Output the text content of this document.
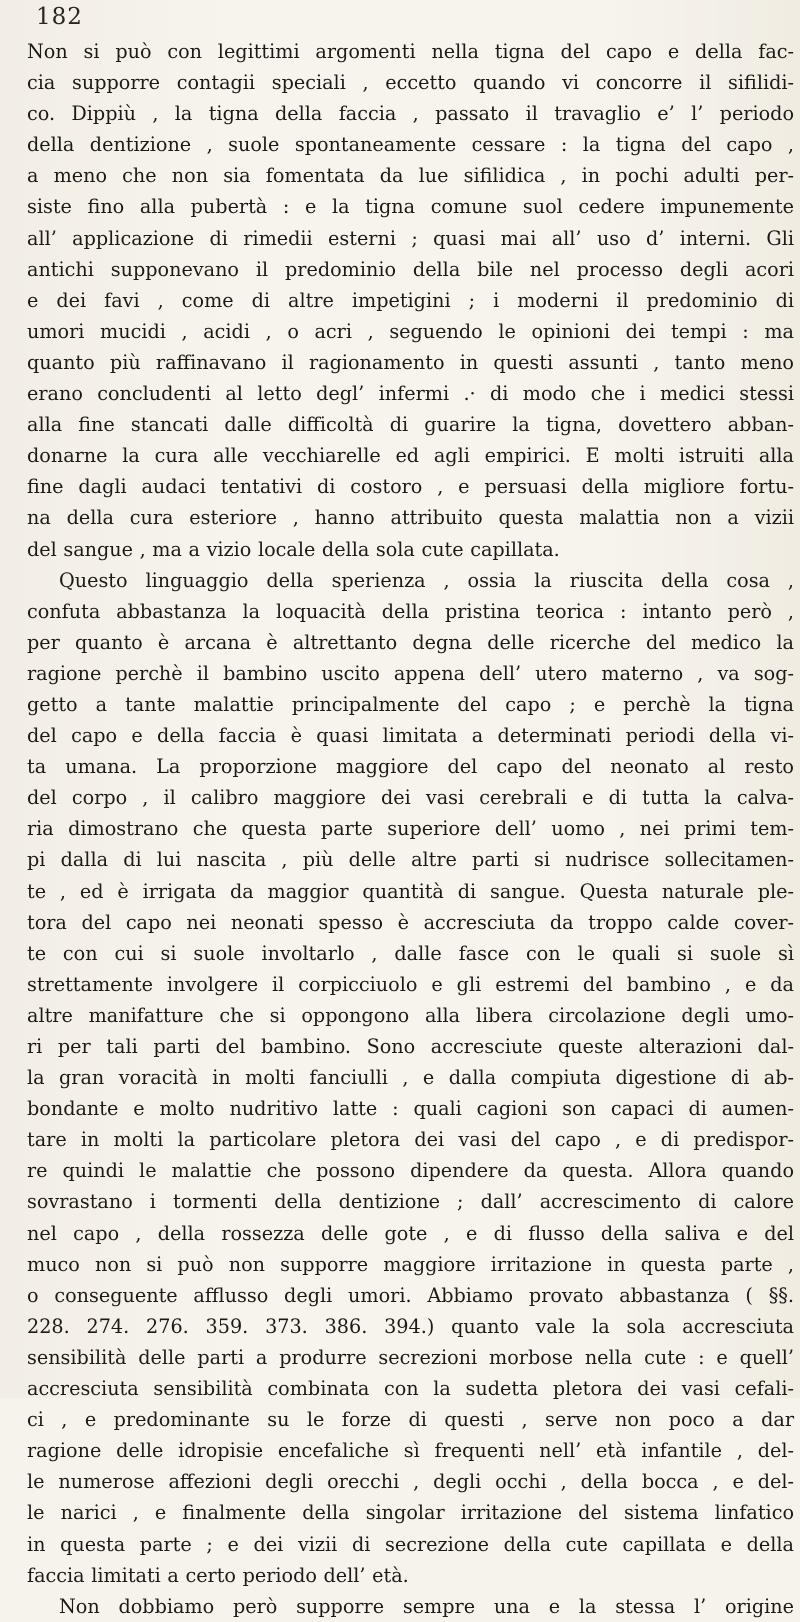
182
Non si può con legittimi argomenti nella tigna del capo e della fac-
cia supporre contagii speciali , eccetto quando vi concorre il sifilidi-
co. Dippiù , la tigna della faccia , passato il travaglio e’ l’ periodo
della dentizione , suole spontaneamente cessare : la tigna del capo ,
a meno che non sia fomentata da lue sifilidica , in pochi adulti per-
siste fino alla pubertà : e la tigna comune suol cedere impunemente
all’ applicazione di rimedii esterni ; quasi mai all’ uso d’ interni. Gli
antichi supponevano il predominio della bile nel processo degli acori
e dei favi , come di altre impetigini ; i moderni il predominio di
umori mucidi , acidi , o acri , seguendo le opinioni dei tempi : ma
quanto più raffinavano il ragionamento in questi assunti , tanto meno
erano concludenti al letto degl’ infermi .· di modo che i medici stessi
alla fine stancati dalle difficoltà di guarire la tigna, dovettero abban-
donarne la cura alle vecchiarelle ed agli empirici. E molti istruiti alla
fine dagli audaci tentativi di costoro , e persuasi della migliore fortu-
na della cura esteriore , hanno attribuito questa malattia non a vizii
del sangue , ma a vizio locale della sola cute capillata.
Questo linguaggio della sperienza , ossia la riuscita della cosa ,
confuta abbastanza la loquacità della pristina teorica : intanto però ,
per quanto è arcana è altrettanto degna delle ricerche del medico la
ragione perchè il bambino uscito appena dell’ utero materno , va sog-
getto a tante malattie principalmente del capo ; e perchè la tigna
del capo e della faccia è quasi limitata a determinati periodi della vi-
ta umana. La proporzione maggiore del capo del neonato al resto
del corpo , il calibro maggiore dei vasi cerebrali e di tutta la calva-
ria dimostrano che questa parte superiore dell’ uomo , nei primi tem-
pi dalla di lui nascita , più delle altre parti si nudrisce sollecitamen-
te , ed è irrigata da maggior quantità di sangue. Questa naturale ple-
tora del capo nei neonati spesso è accresciuta da troppo calde cover-
te con cui si suole involtarlo , dalle fasce con le quali si suole sì
strettamente involgere il corpicciuolo e gli estremi del bambino , e da
altre manifatture che si oppongono alla libera circolazione degli umo-
ri per tali parti del bambino. Sono accresciute queste alterazioni dal-
la gran voracità in molti fanciulli , e dalla compiuta digestione di ab-
bondante e molto nudritivo latte : quali cagioni son capaci di aumen-
tare in molti la particolare pletora dei vasi del capo , e di predispor-
re quindi le malattie che possono dipendere da questa. Allora quando
sovrastano i tormenti della dentizione ; dall’ accrescimento di calore
nel capo , della rossezza delle gote , e di flusso della saliva e del
muco non si può non supporre maggiore irritazione in questa parte ,
o conseguente afflusso degli umori. Abbiamo provato abbastanza ( §§.
228. 274. 276. 359. 373. 386. 394.) quanto vale la sola accresciuta
sensibilità delle parti a produrre secrezioni morbose nella cute : e quell’
accresciuta sensibilità combinata con la sudetta pletora dei vasi cefali-
ci , e predominante su le forze di questi , serve non poco a dar
ragione delle idropisie encefaliche sì frequenti nell’ età infantile , del-
le numerose affezioni degli orecchi , degli occhi , della bocca , e del-
le narici , e finalmente della singolar irritazione del sistema linfatico
in questa parte ; e dei vizii di secrezione della cute capillata e della
faccia limitati a certo periodo dell’ età.
Non dobbiamo però supporre sempre una e la stessa l’ origine
